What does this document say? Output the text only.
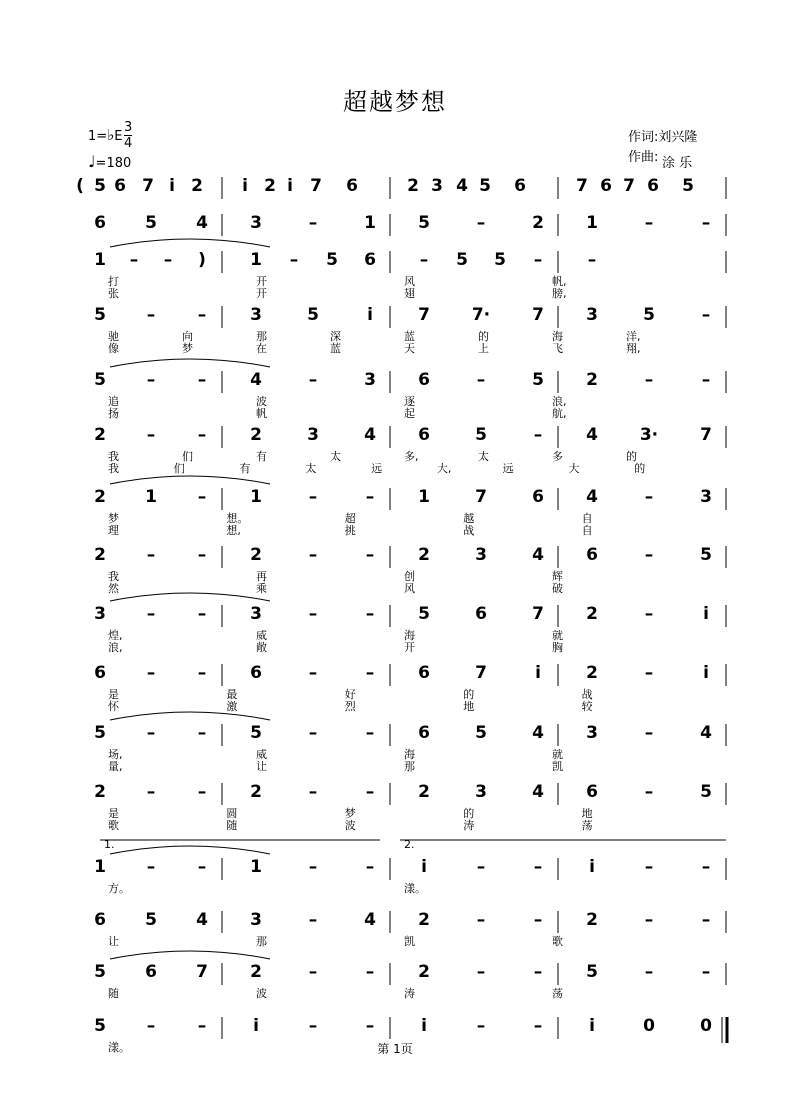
超越梦想
1=♭E
3
4
♩=180
作词:刘兴隆
作曲: 涂 乐
( 5 6 7 i 2 i 2 i 7 6	2 3 4 5 6	7 6 7 6 5
6 5 4 3	–	1 5	–	2 1	–	–
1 – – )	1 – 5 6	– 5 5 –	–
打	开	风	帆,
张	开	翅	膀,
5 –	–	3	5	i	7 7· 7 3	5	–
驰	向	那	深	蓝	的	海	洋,
像	梦	在	蓝	天	上	飞	翔,
5 –	–	4	–	3 6	–	5 2	–	–
追	波	逐	浪,
扬	帆	起	航,
2 –	–	2	3	4 6	5	–	4 3· 7
我	们	有	太	多,	太	多	的
我	们	有	太	远	大,	远	大	的
2 1 –	1	–	–	1	7	6 4	–	3
梦	想。	超	越	自
理	想,	挑	战	自
2 –	–	2	–	–	2	3	4 6	–	5
我	再	创	辉
然	乘	风	破
3 –	–	3	–	–	5	6	7 2	–	i
煌,	威	海	就
浪,	敞	开	胸
6 –	–	6	–	–	6	7	i	2	–	i
是	最	好	的	战
怀	激	烈	地	较
5 –	–	5	–	–	6	5	4 3	–	4
场,	威	海	就
量,	让	那	凯
2 –	–	2	–	–	2	3	4 6	–	5
是	圆	梦	的	地
歌	随	波	涛	荡
1 –	–	1	–	–	i	–	–	i	–	–
方。	漾。
6 5 4 3	–	4 2	–	–	2	–	–
让	那	凯	歌
5 6 7 2	–	–	2	–	–	5	–	–
随	波	涛	荡
5 –	–	i	–	–	i	–	–	i	0	0
漾。
1.	2.
第 1页
